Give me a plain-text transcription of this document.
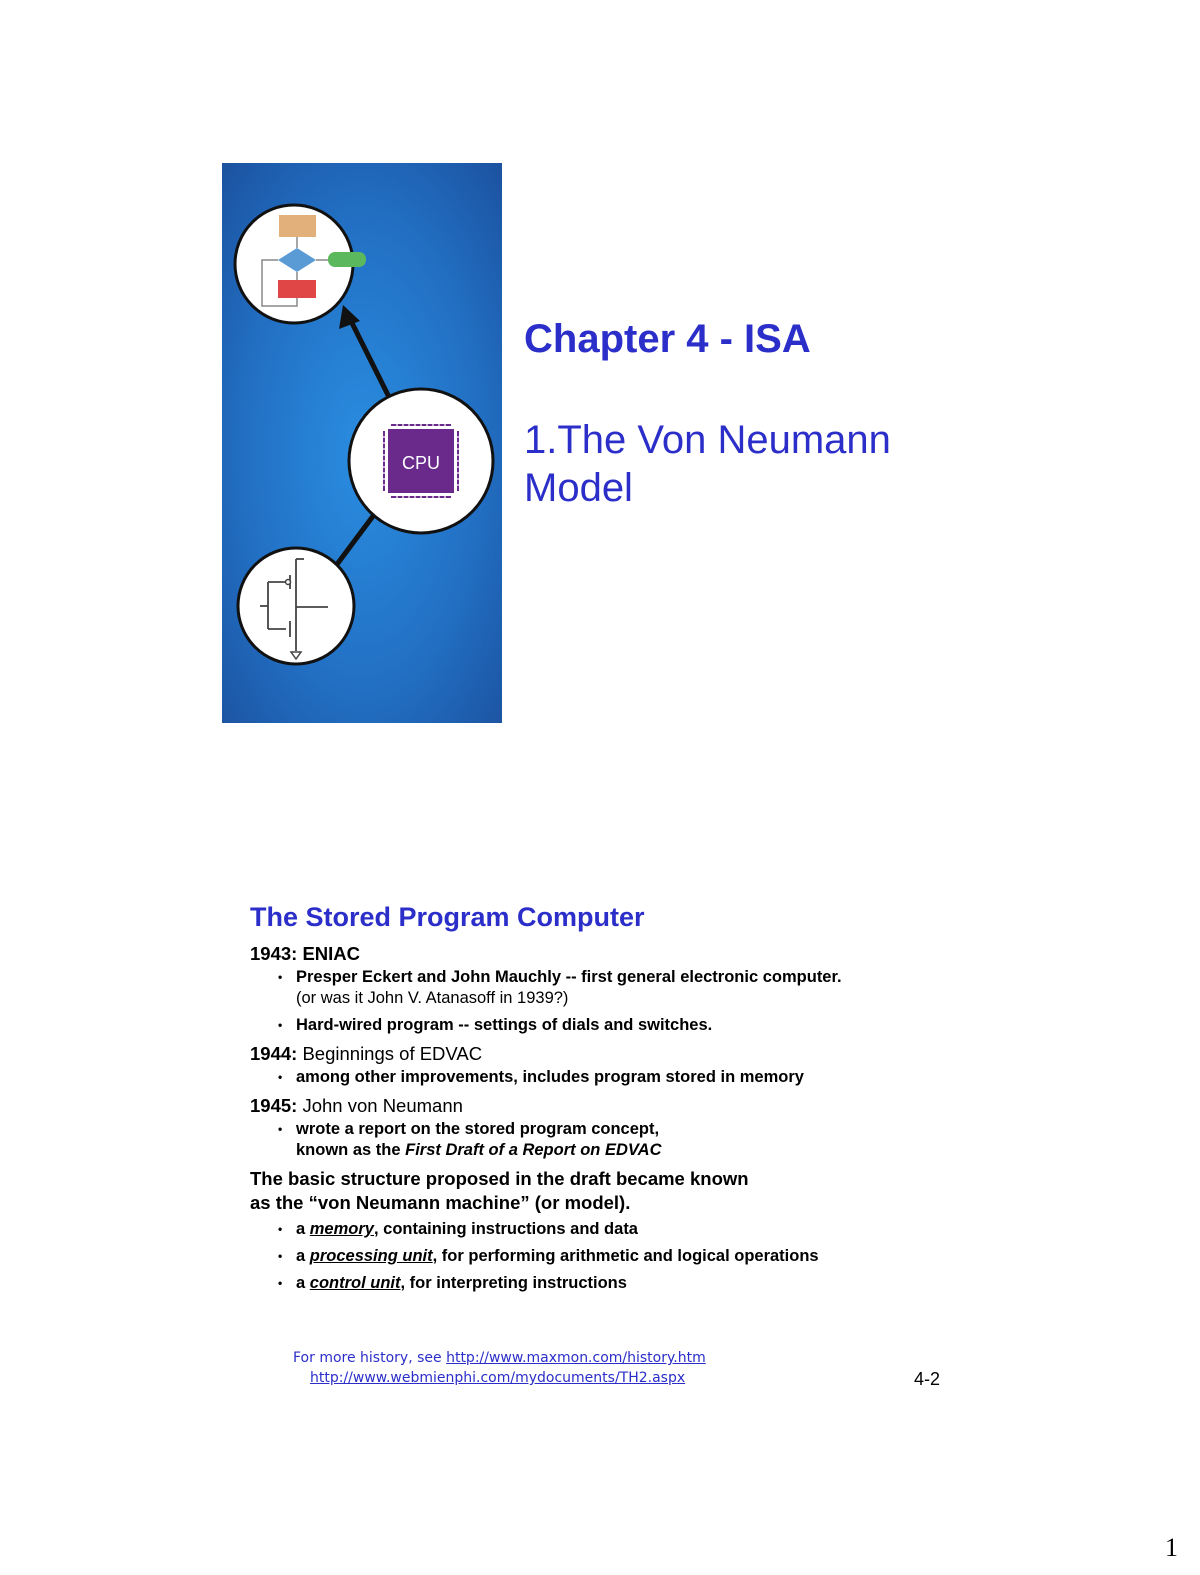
CPU
Chapter 4 - ISA
1.The Von Neumann Model
The Stored Program Computer
1943: ENIAC
• Presper Eckert and John Mauchly -- first general electronic computer.
(or was it John V. Atanasoff in 1939?)
• Hard-wired program -- settings of dials and switches.
1944: Beginnings of EDVAC
• among other improvements, includes program stored in memory
1945: John von Neumann
• wrote a report on the stored program concept,
known as the First Draft of a Report on EDVAC
The basic structure proposed in the draft became known
as the “von Neumann machine” (or model).
• a memory, containing instructions and data
• a processing unit, for performing arithmetic and logical operations
• a control unit, for interpreting instructions
For more history, see http://www.maxmon.com/history.htm
http://www.webmienphi.com/mydocuments/TH2.aspx	4-2
1
